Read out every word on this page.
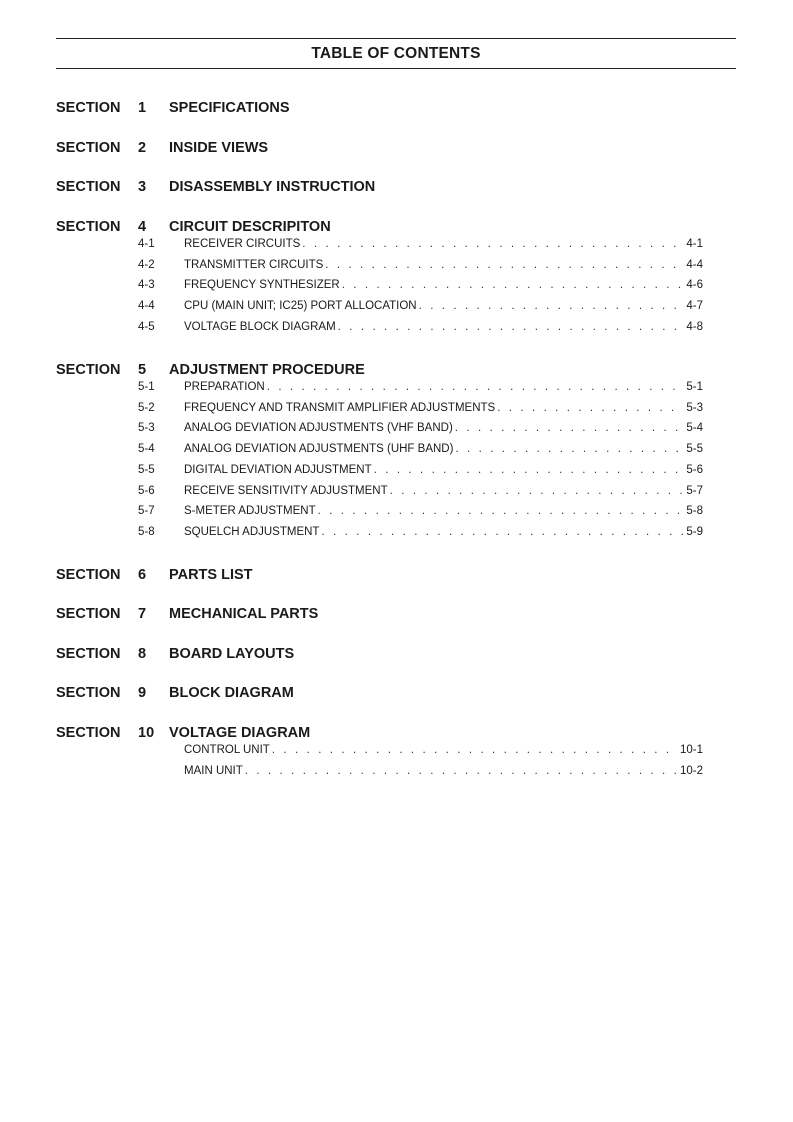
TABLE OF CONTENTS
SECTION 1 SPECIFICATIONS
SECTION 2 INSIDE VIEWS
SECTION 3 DISASSEMBLY INSTRUCTION
SECTION 4 CIRCUIT DESCRIPITON
4-1	RECEIVER CIRCUITS . . .	4-1
4-2	TRANSMITTER CIRCUITS . . .	4-4
4-3	FREQUENCY SYNTHESIZER . . .	4-6
4-4	CPU (MAIN UNIT; IC25) PORT ALLOCATION . . .	4-7
4-5	VOLTAGE BLOCK DIAGRAM . . .	4-8
SECTION 5 ADJUSTMENT PROCEDURE
5-1	PREPARATION . . .	5-1
5-2	FREQUENCY AND TRANSMIT AMPLIFIER ADJUSTMENTS . . .	5-3
5-3	ANALOG DEVIATION ADJUSTMENTS (VHF BAND) . . .	5-4
5-4	ANALOG DEVIATION ADJUSTMENTS (UHF BAND) . . .	5-5
5-5	DIGITAL DEVIATION ADJUSTMENT . . .	5-6
5-6	RECEIVE SENSITIVITY ADJUSTMENT . . .	5-7
5-7	S-METER ADJUSTMENT . . .	5-8
5-8	SQUELCH ADJUSTMENT . . .	5-9
SECTION 6 PARTS LIST
SECTION 7 MECHANICAL PARTS
SECTION 8 BOARD LAYOUTS
SECTION 9 BLOCK DIAGRAM
SECTION 10 VOLTAGE DIAGRAM
CONTROL UNIT . . .	10-1
MAIN UNIT . . .	10-2
